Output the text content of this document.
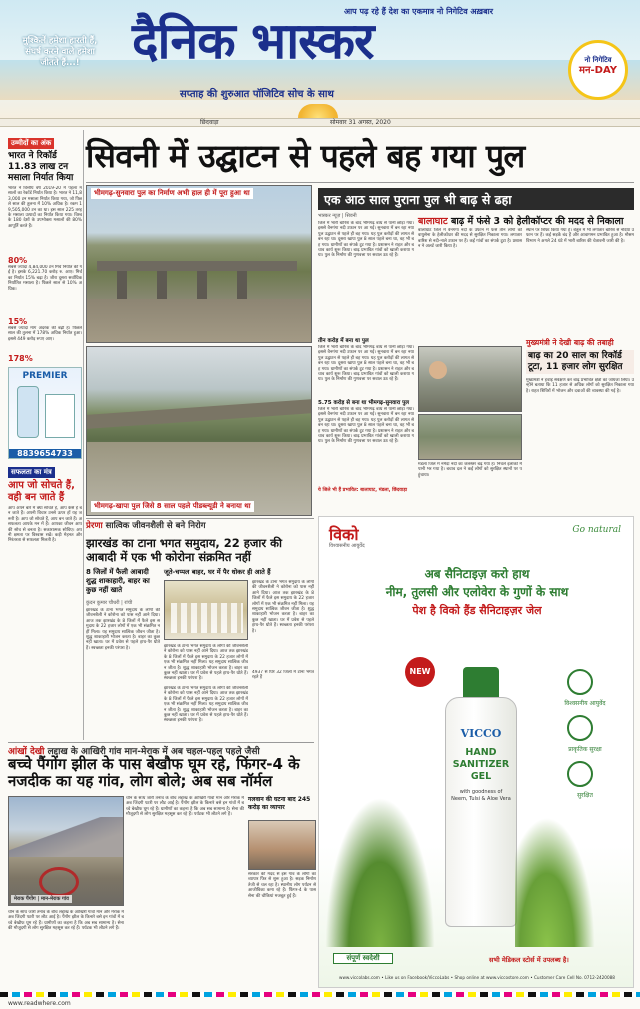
आप पढ़ रहे हैं देश का एकमात्र नो निगेटिव अख़बार
दैनिक भास्कर
सप्ताह की शुरुआत पॉजिटिव सोच के साथ
मुश्किलें हमेशा हारती हैं, संघर्ष करने वाले हमेशा जीतते हैं...!	नो निगेटिव
मन-DAY
छिंदवाड़ा	सोमवार 31 अगस्त, 2020
उम्मीदों का अंक
भारत ने रिकॉर्ड 11.83 लाख टन मसाला निर्यात किया
भारत ने वित्तीय वर्ष 2019-20 में पहला मसालों का रेकॉर्ड निर्यात किया है। भारत ने 11,83,000 टन मसाला निर्यात किया गया, जो पिछले साल की तुलना में 10% अधिक है। रकम 19,505,000 टन का था। इस साल 225 तरह के मसाला उत्पादों का निर्यात किया गया। विश्व के 180 देशों के उपभोक्ता मसालों की 80% आपूर्ति करते हैं।
80%
सबसे ज्यादा 4,84,000 टन मिर्च निर्यात की गई है। इसके 6,221.70 करोड़ रु. आए। मिर्च का निर्यात 15% बढ़ा है। जीरा दूसरा सर्वाधिक निर्यातित मसाला है। पिछले साल से 10% अधिक।
15%
सबसे ज्यादा मांग अदरक की बढ़ी है। पिछले साल की तुलना में 178% अधिक निर्यात हुआ। इससे 449 करोड़ रुपए आए।
178%
PREMIER
8839654733
सफलता का मंत्र
आप जो सोचते हैं, वही बन जाते हैं
आप अपने बारे में क्या सोचते हैं, आप कैसे हैं बन जाते हैं। अपनी विचार उनसे ऊपर हों यह जरूरी है। आप जो सोचते हैं, आप बन जाते हैं। असफलता आपके मन में हैं। आपका जीवन आपकी सोच से बनता है। सकारात्मक सोचिए। अपनी क्षमता पर विश्वास रखें। कड़ी मेहनत और निरंतरता से सफलता मिलती है।
सिवनी में उद्घाटन से पहले बह गया पुल
भीमगढ़-सुनवारा पुल का निर्माण अभी हाल ही में पूरा हुआ था
भीमगढ़-खापा पुल जिसे 8 साल पहले पीडब्ल्यूडी ने बनाया था
एक आठ साल पुराना पुल भी बाढ़ से ढहा
भास्कर न्यूज़ | सिवनी
जिले में भारी बारिश के बाद भीमगढ़ बांध से पानी छोड़ा गया। इससे वैनगंगा नदी उफान पर आ गई। सुनवारा में बन रहा नया पुल उद्घाटन से पहले ही बह गया। यह पुल करोड़ों की लागत से बन रहा था। दूसरा खापा पुल 8 साल पहले बना था, वह भी बह गया। ग्रामीणों का संपर्क टूट गया है। प्रशासन ने राहत और बचाव कार्य शुरू किया। बाढ़ प्रभावित गांवों को खाली कराया गया। पुल के निर्माण की गुणवत्ता पर सवाल उठ रहे हैं।
तीन करोड़ में बना था पुल
जिले में भारी बारिश के बाद भीमगढ़ बांध से पानी छोड़ा गया। इससे वैनगंगा नदी उफान पर आ गई। सुनवारा में बन रहा नया पुल उद्घाटन से पहले ही बह गया। यह पुल करोड़ों की लागत से बन रहा था। दूसरा खापा पुल 8 साल पहले बना था, वह भी बह गया। ग्रामीणों का संपर्क टूट गया है। प्रशासन ने राहत और बचाव कार्य शुरू किया। बाढ़ प्रभावित गांवों को खाली कराया गया। पुल के निर्माण की गुणवत्ता पर सवाल उठ रहे हैं।
5.75 करोड़ से बना था भीमगढ़-सुनवारा पुल
जिले में भारी बारिश के बाद भीमगढ़ बांध से पानी छोड़ा गया। इससे वैनगंगा नदी उफान पर आ गई। सुनवारा में बन रहा नया पुल उद्घाटन से पहले ही बह गया। यह पुल करोड़ों की लागत से बन रहा था। दूसरा खापा पुल 8 साल पहले बना था, वह भी बह गया। ग्रामीणों का संपर्क टूट गया है। प्रशासन ने राहत और बचाव कार्य शुरू किया। बाढ़ प्रभावित गांवों को खाली कराया गया। पुल के निर्माण की गुणवत्ता पर सवाल उठ रहे हैं।
ये जिले भी हैं प्रभावित: बालाघाट, मंडला, छिंदवाड़ा
बालाघाट बाढ़ में फंसे 3 को हेलीकॉप्टर की मदद से निकाला
बालाघाट जिले में वैनगंगा नदी के उफान में फंसे तीन लोगों को वायुसेना के हेलीकॉप्टर की मदद से सुरक्षित निकाला गया। लगातार बारिश से नदी-नाले उफान पर हैं। कई गांवों का संपर्क टूटा है। प्रशासन ने अलर्ट जारी किया है।
मंडला जिले में नर्मदा नदी का जलस्तर बढ़ गया है। निचले इलाकों में पानी भर गया है। बचाव दल ने कई लोगों को सुरक्षित स्थानों पर पहुंचाया।
स्थान पर शिफ्ट किया गया है। बैतूल में भी लगातार बारिश से नदियां उफान पर हैं। कई सड़कें बंद हैं और आवागमन प्रभावित हुआ है। मौसम विभाग ने अगले 24 घंटे में भारी बारिश की चेतावनी जारी की है।
मुख्यमंत्री ने देखी बाढ़ की तबाही
बाढ़ का 20 साल का रिकॉर्ड टूटा, 11 हजार लोग सुरक्षित
मुख्यमंत्री ने हवाई सर्वेक्षण कर बाढ़ प्रभावित क्षेत्रों का जायजा लिया। उन्होंने बताया कि 11 हजार से अधिक लोगों को सुरक्षित निकाला गया है। राहत शिविरों में भोजन और दवाओं की व्यवस्था की गई है।
प्रेरणा सात्विक जीवनशैली से बने निरोग
झारखंड का टाना भगत समुदाय, 22 हजार की आबादी में एक भी कोरोना संक्रमित नहीं
8 जिलों में फैली आबादी शुद्ध शाकाहारी, बाहर का कुछ नहीं खाते
कुंदन कुमार चौधरी | रांची
झारखंड के टाना भगत समुदाय के लोगों की जीवनशैली ने कोरोना को पास नहीं आने दिया। आज तक झारखंड के 8 जिलों में फैले इस समुदाय के 22 हजार लोगों में एक भी संक्रमित नहीं मिला। यह समुदाय सात्विक जीवन जीता है। शुद्ध शाकाहारी भोजन करता है। बाहर का कुछ नहीं खाता। घर में प्रवेश से पहले हाथ-पैर धोते हैं। स्वच्छता इनकी परंपरा है।
जूते-चप्पल बाहर, घर में पैर धोकर ही आते हैं
झारखंड के टाना भगत समुदाय के लोगों की जीवनशैली ने कोरोना को पास नहीं आने दिया। आज तक झारखंड के 8 जिलों में फैले इस समुदाय के 22 हजार लोगों में एक भी संक्रमित नहीं मिला। यह समुदाय सात्विक जीवन जीता है। शुद्ध शाकाहारी भोजन करता है। बाहर का कुछ नहीं खाता। घर में प्रवेश से पहले हाथ-पैर धोते हैं। स्वच्छता इनकी परंपरा है।
झारखंड के टाना भगत समुदाय के लोगों की जीवनशैली ने कोरोना को पास नहीं आने दिया। आज तक झारखंड के 8 जिलों में फैले इस समुदाय के 22 हजार लोगों में एक भी संक्रमित नहीं मिला। यह समुदाय सात्विक जीवन जीता है। शुद्ध शाकाहारी भोजन करता है। बाहर का कुछ नहीं खाता। घर में प्रवेश से पहले हाथ-पैर धोते हैं। स्वच्छता इनकी परंपरा है।
4937 से घिरे 32 जिलों में टाना भगत रहते हैं
झारखंड के टाना भगत समुदाय के लोगों की जीवनशैली ने कोरोना को पास नहीं आने दिया। आज तक झारखंड के 8 जिलों में फैले इस समुदाय के 22 हजार लोगों में एक भी संक्रमित नहीं मिला। यह समुदाय सात्विक जीवन जीता है। शुद्ध शाकाहारी भोजन करता है। बाहर का कुछ नहीं खाता। घर में प्रवेश से पहले हाथ-पैर धोते हैं। स्वच्छता इनकी परंपरा है।
आंखों देखी लद्दाख के आखिरी गांव मान-मेराक में अब चहल-पहल पहले जैसी
बच्चे पैंगोंग झील के पास बेखौफ घूम रहे, फिंगर-4 के नजदीक का यह गांव, लोग बोले; अब सब नॉर्मल
मेराक पैंगोंग | मान-मेराक गांव
चीन के साथ जारी तनाव के बीच लद्दाख के आखिरी गांवों मान और मेराक में अब जिंदगी पटरी पर लौट आई है। पैंगोंग झील के किनारे बसे इन गांवों में बच्चे बेखौफ घूम रहे हैं। ग्रामीणों का कहना है कि अब सब सामान्य है। सेना की मौजूदगी से लोग सुरक्षित महसूस कर रहे हैं। पर्यटक भी लौटने लगे हैं।
गलवान की घटना बाद 245 करोड़ का व्यापार
सरकार की मदद से इस गांव के लोगों का व्यापार फिर से शुरू हुआ है। सड़क निर्माण तेजी से चल रहा है। स्थानीय लोग पर्यटन से आजीविका कमा रहे हैं। फिंगर-4 के पास सेना की चौकियां मजबूत हुई हैं।
चीन के साथ जारी तनाव के बीच लद्दाख के आखिरी गांवों मान और मेराक में अब जिंदगी पटरी पर लौट आई है। पैंगोंग झील के किनारे बसे इन गांवों में बच्चे बेखौफ घूम रहे हैं। ग्रामीणों का कहना है कि अब सब सामान्य है। सेना की मौजूदगी से लोग सुरक्षित महसूस कर रहे हैं। पर्यटक भी लौटने लगे हैं।
विको
विश्वासनीय आयुर्वेद
Go natural
अब सैनिटाइज़ करो हाथ
नीम, तुलसी और एलोवेरा के गुणों के साथ
पेश है विको हैंड सैनिटाइज़र जेल
NEW
VICCO
HAND SANITIZER GEL
with goodness of Neem, Tulsi & Aloe Vera
विश्वसनीय आयुर्वेद
प्राकृतिक सुरक्षा
सुरक्षित
संपूर्ण स्वदेशी	सभी मेडिकल स्टोर्स में उपलब्ध है।
www.viccolabs.com • Like us on Facebook/ViccoLabs • Shop online at www.viccostore.com • Customer Care Cell No. 0712-2420088
www.readwhere.com
